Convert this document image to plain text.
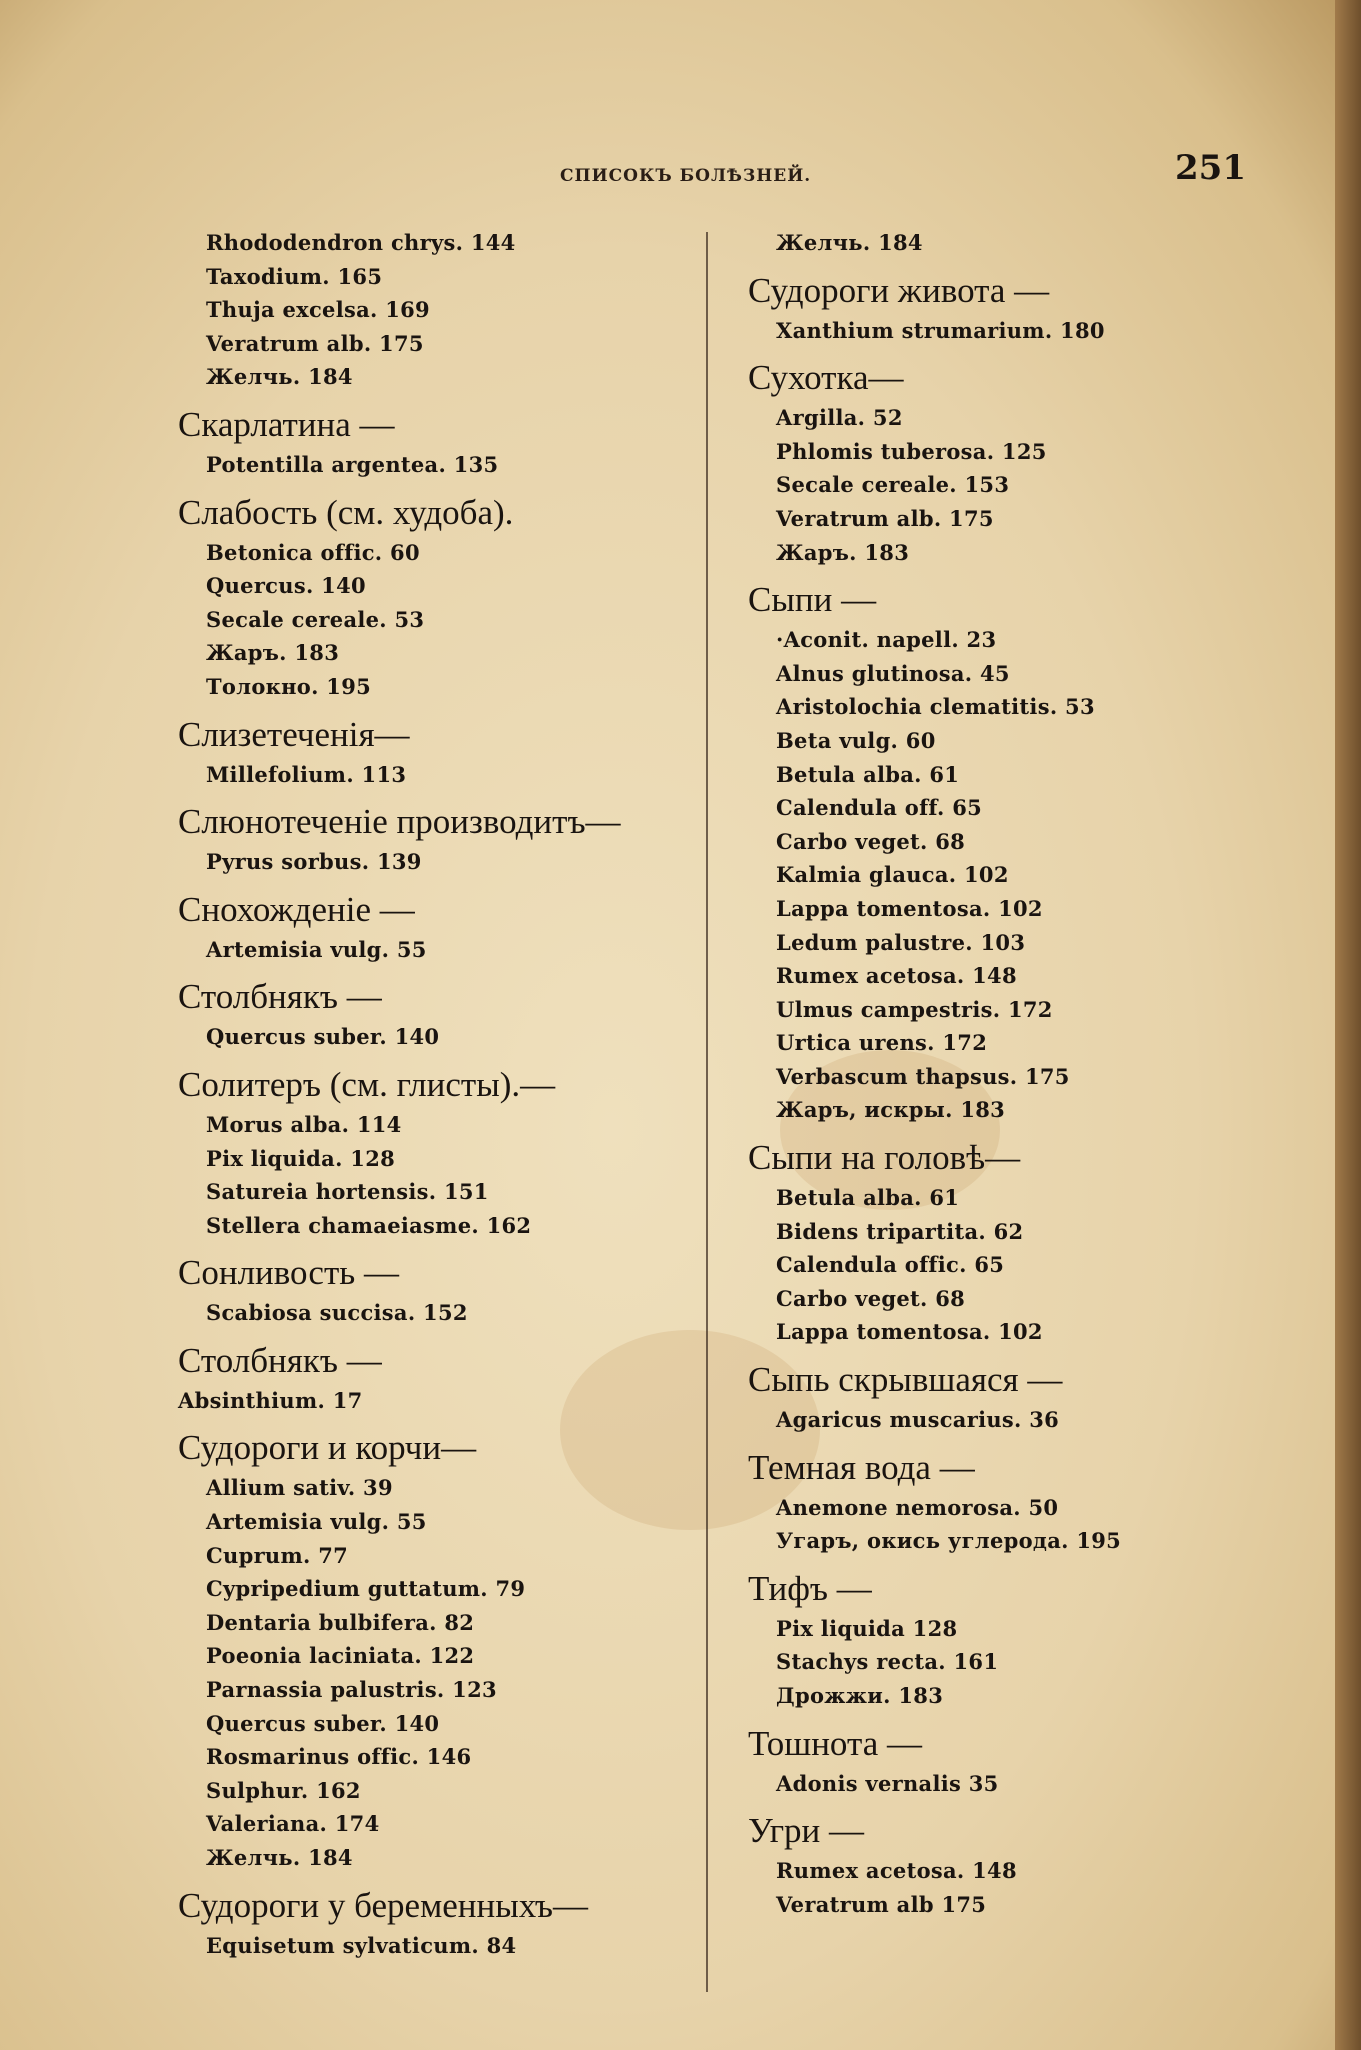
СПИСОКЪ БОЛѢЗНЕЙ.	251
Rhododendron chrys. 144
Taxodium. 165
Thuja excelsa. 169
Veratrum alb. 175
Желчь. 184
Скарлатина —
Potentilla argentea. 135
Слабость (см. худоба).
Betonica offic. 60
Quercus. 140
Secale cereale. 53
Жаръ. 183
Толокно. 195
Слизетеченія—
Millefolium. 113
Слюнотеченіе производитъ—
Pyrus sorbus. 139
Снохожденіе —
Artemisia vulg. 55
Столбнякъ —
Quercus suber. 140
Солитеръ (см. глисты).—
Morus alba. 114
Pix liquida. 128
Satureia hortensis. 151
Stellera chamaeiasme. 162
Сонливость —
Scabiosa succisa. 152
Столбнякъ —
Absinthium. 17
Судороги и корчи—
Allium sativ. 39
Artemisia vulg. 55
Cuprum. 77
Cypripedium guttatum. 79
Dentaria bulbifera. 82
Poeonia laciniata. 122
Parnassia palustris. 123
Quercus suber. 140
Rosmarinus offic. 146
Sulphur. 162
Valeriana. 174
Желчь. 184
Судороги у беременныхъ—
Equisetum sylvaticum. 84
Желчь. 184
Судороги живота —
Xanthium strumarium. 180
Сухотка—
Argilla. 52
Phlomis tuberosa. 125
Secale cereale. 153
Veratrum alb. 175
Жаръ. 183
Сыпи —
·Aconit. napell. 23
Alnus glutinosa. 45
Aristolochia clematitis. 53
Beta vulg. 60
Betula alba. 61
Calendula off. 65
Carbo veget. 68
Kalmia glauca. 102
Lappa tomentosa. 102
Ledum palustre. 103
Rumex acetosa. 148
Ulmus campestris. 172
Urtica urens. 172
Verbascum thapsus. 175
Жаръ, искры. 183
Сыпи на головѣ—
Betula alba. 61
Bidens tripartita. 62
Calendula offic. 65
Carbo veget. 68
Lappa tomentosa. 102
Сыпь скрывшаяся —
Agaricus muscarius. 36
Темная вода —
Anemone nemorosa. 50
Угаръ, окись углерода. 195
Тифъ —
Pix liquida 128
Stachys recta. 161
Дрожжи. 183
Тошнота —
Adonis vernalis 35
Угри —
Rumex acetosa. 148
Veratrum alb 175
